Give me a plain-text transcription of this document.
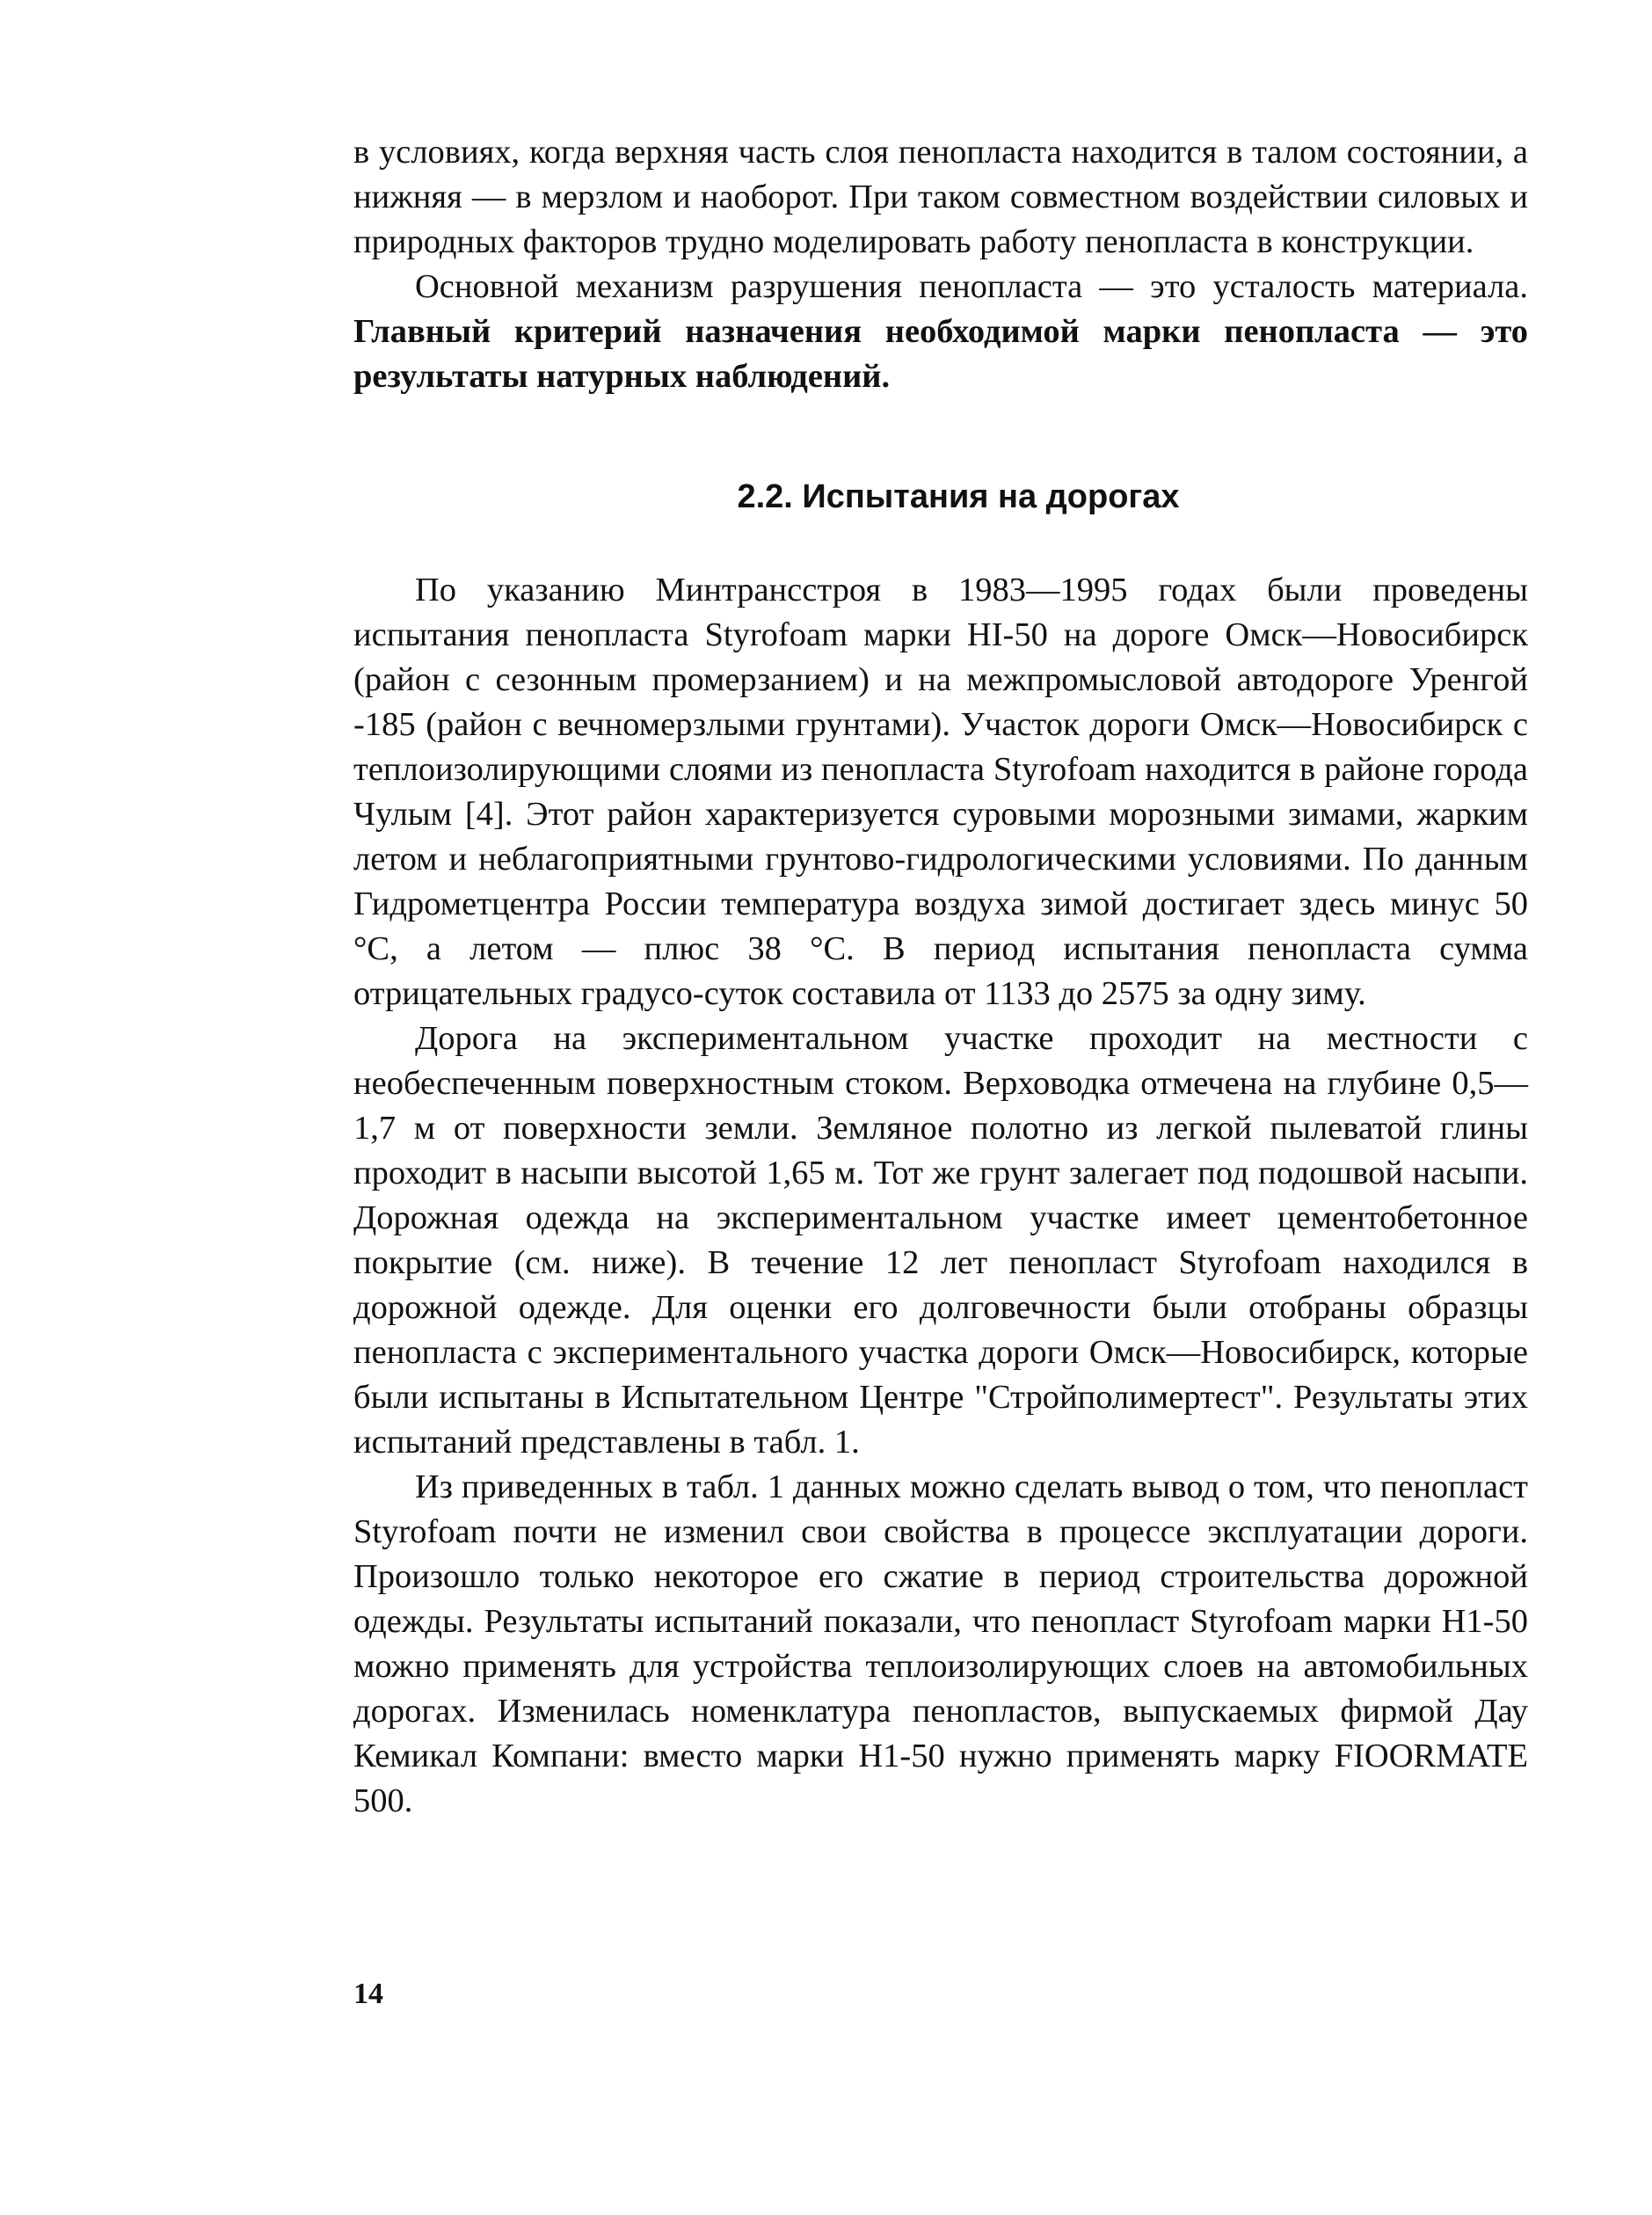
в условиях, когда верхняя часть слоя пенопласта находится в талом состоянии, а нижняя — в мерзлом и наоборот. При таком совместном воздействии силовых и природных факторов трудно моделировать работу пенопласта в конструкции.

Основной механизм разрушения пенопласта — это усталость материала. Главный критерий назначения необходимой марки пенопласта — это результаты натурных наблюдений.

2.2. Испытания на дорогах

По указанию Минтрансстроя в 1983—1995 годах были проведены испытания пенопласта Styrofoam марки HI-50 на дороге Омск—Новосибирск (район с сезонным промерзанием) и на межпромысловой автодороге Уренгой -185 (район с вечномерзлыми грунтами). Участок дороги Омск—Новосибирск с теплоизолирующими слоями из пенопласта Styrofoam находится в районе города Чулым [4]. Этот район характеризуется суровыми морозными зимами, жарким летом и неблагоприятными грунтово-гидрологическими условиями. По данным Гидрометцентра России температура воздуха зимой достигает здесь минус 50 °С, а летом — плюс 38 °С. В период испытания пенопласта сумма отрицательных градусо-суток составила от 1133 до 2575 за одну зиму.

Дорога на экспериментальном участке проходит на местности с необеспеченным поверхностным стоком. Верховодка отмечена на глубине 0,5—1,7 м от поверхности земли. Земляное полотно из легкой пылеватой глины проходит в насыпи высотой 1,65 м. Тот же грунт залегает под подошвой насыпи. Дорожная одежда на экспериментальном участке имеет цементобетонное покрытие (см. ниже). В течение 12 лет пенопласт Styrofoam находился в дорожной одежде. Для оценки его долговечности были отобраны образцы пенопласта с экспериментального участка дороги Омск—Новосибирск, которые были испытаны в Испытательном Центре "Стройполимертест". Результаты этих испытаний представлены в табл. 1.

Из приведенных в табл. 1 данных можно сделать вывод о том, что пенопласт Styrofoam почти не изменил свои свойства в процессе эксплуатации дороги. Произошло только некоторое его сжатие в период строительства дорожной одежды. Результаты испытаний показали, что пенопласт Styrofoam марки Н1-50 можно применять для устройства теплоизолирующих слоев на автомобильных дорогах. Изменилась номенклатура пенопластов, выпускаемых фирмой Дау Кемикал Компани: вместо марки Н1-50 нужно применять марку FIOORMATE 500.

14
